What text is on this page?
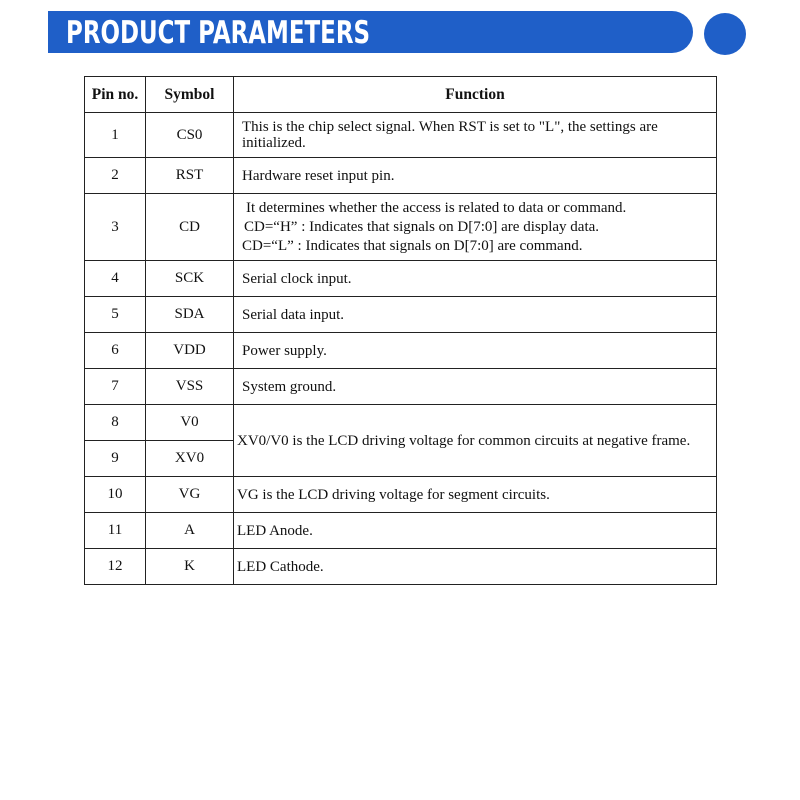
PRODUCT PARAMETERS
Pin no.	Symbol	Function
1	CS0	This is the chip select signal. When RST is set to "L", the settings are
initialized.

2	RST	Hardware reset input pin.
3	CD	It determines whether the access is related to data or command.
CD=“H” : Indicates that signals on D[7:0] are display data.
CD=“L” : Indicates that signals on D[7:0] are command.

4	SCK	Serial clock input.
5	SDA	Serial data input.
6	VDD	Power supply.
7	VSS	System ground.
8	V0	XV0/V0 is the LCD driving voltage for common circuits at negative frame.
9	XV0	
10	VG	VG is the LCD driving voltage for segment circuits.
11	A	LED Anode.
12	K	LED Cathode.
